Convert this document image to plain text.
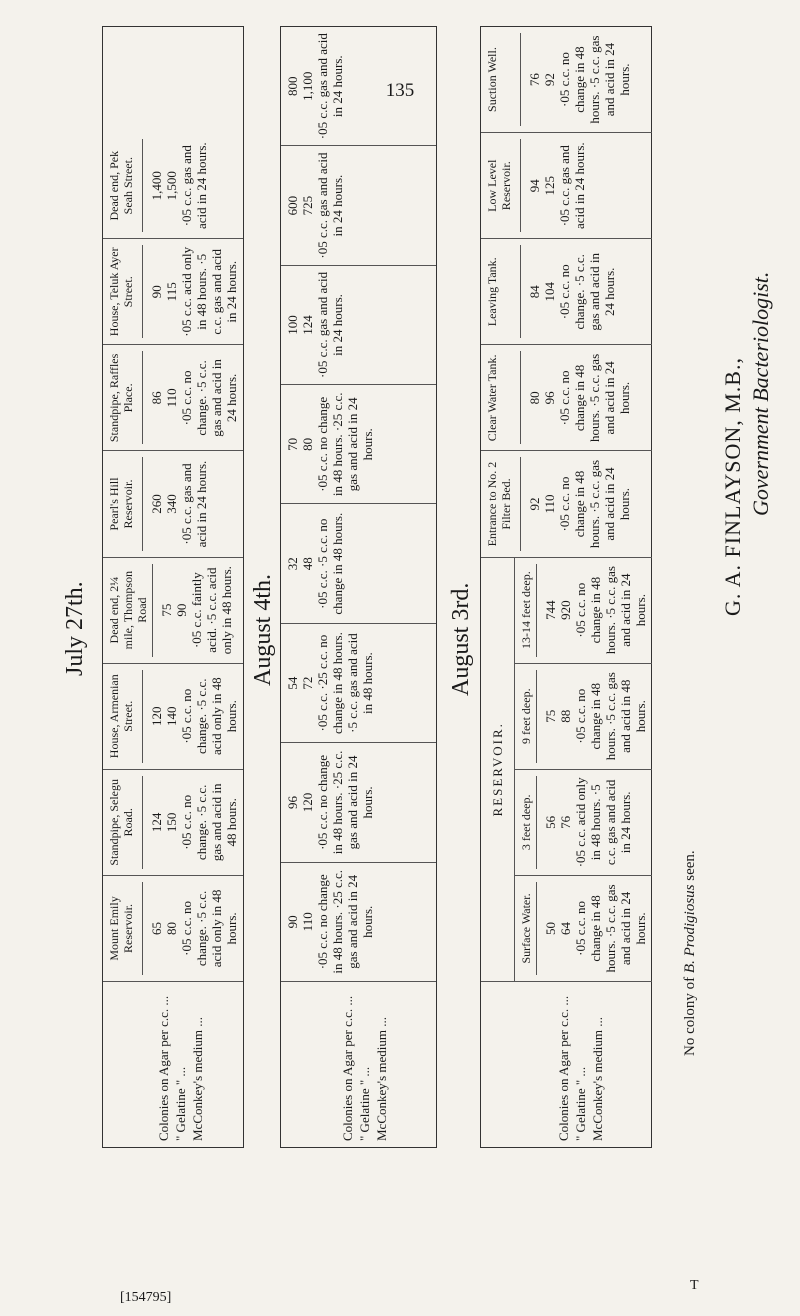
135
[154795]
T
July 27th.
Colonies on Agar per c.c. ... " Gelatine " ... McConkey's medium ...
Mount Emily Reservoir.	65 80 ·05 c.c. no change. ·5 c.c. acid only in 48 hours.
Standpipe, Selegu Road.	124 150 ·05 c.c. no change. ·5 c.c. gas and acid in 48 hours.
House, Armenian Street.	120 140 ·05 c.c. no change. ·5 c.c. acid only in 48 hours.
Dead end, 2¼ mile, Thompson Road 75 90 ·05 c.c. faintly acid. ·5 c.c. acid only in 48 hours.
Pearl's Hill Reservoir.	260 340 ·05 c.c. gas and acid in 24 hours.
Standpipe, Raffles Place.	86 110 ·05 c.c. no change. ·5 c.c. gas and acid in 24 hours.
House, Teluk Ayer Street.	90 115 ·05 c.c. acid only in 48 hours. ·5 c.c. gas and acid in 24 hours.
Dead end, Pek Seah Street.	1,400 1,500 ·05 c.c. gas and acid in 24 hours.
August 4th.
Colonies on Agar per c.c. ... " Gelatine " ... McConkey's medium ...
90 110 ·05 c.c. no change in 48 hours. ·25 c.c. gas and acid in 24 hours.
96 120 ·05 c.c. no change in 48 hours. ·25 c.c. gas and acid in 24 hours.
54 72 ·05 c.c. ·25 c.c. no change in 48 hours. ·5 c.c. gas and acid in 48 hours.
32 48 ·05 c.c. ·5 c.c. no change in 48 hours.
70 80 ·05 c.c. no change in 48 hours. ·25 c.c. gas and acid in 24 hours.
100 124 ·05 c.c. gas and acid in 24 hours.
600 725 ·05 c.c. gas and acid in 24 hours.
800 1,100 ·05 c.c. gas and acid in 24 hours.
August 3rd.
Colonies on Agar per c.c. ... " Gelatine " ... McConkey's medium ...
RESERVOIR.
Surface Water. 50 64 ·05 c.c. no change in 48 hours. ·5 c.c. gas and acid in 24 hours.
3 feet deep. 56 76 ·05 c.c. acid only in 48 hours. ·5 c.c. gas and acid in 24 hours.
9 feet deep. 75 88 ·05 c.c. no change in 48 hours. ·5 c.c. gas and acid in 48 hours.
13-14 feet deep. 744 920 ·05 c.c. no change in 48 hours. ·5 c.c. gas and acid in 24 hours.
Entrance to No. 2 Filter Bed.	92 110 ·05 c.c. no change in 48 hours. ·5 c.c. gas and acid in 24 hours.
Clear Water Tank.	80 96 ·05 c.c. no change in 48 hours. ·5 c.c. gas and acid in 24 hours.
Leaving Tank.	84 104 ·05 c.c. no change. ·5 c.c. gas and acid in 24 hours.
Low Level Reservoir.	94 125 ·05 c.c. gas and acid in 24 hours.
Suction Well.	76 92 ·05 c.c. no change in 48 hours. ·5 c.c. gas and acid in 24 hours.
No colony of B. Prodigiosus seen.
G. A. FINLAYSON, M.B., Government Bacteriologist.
